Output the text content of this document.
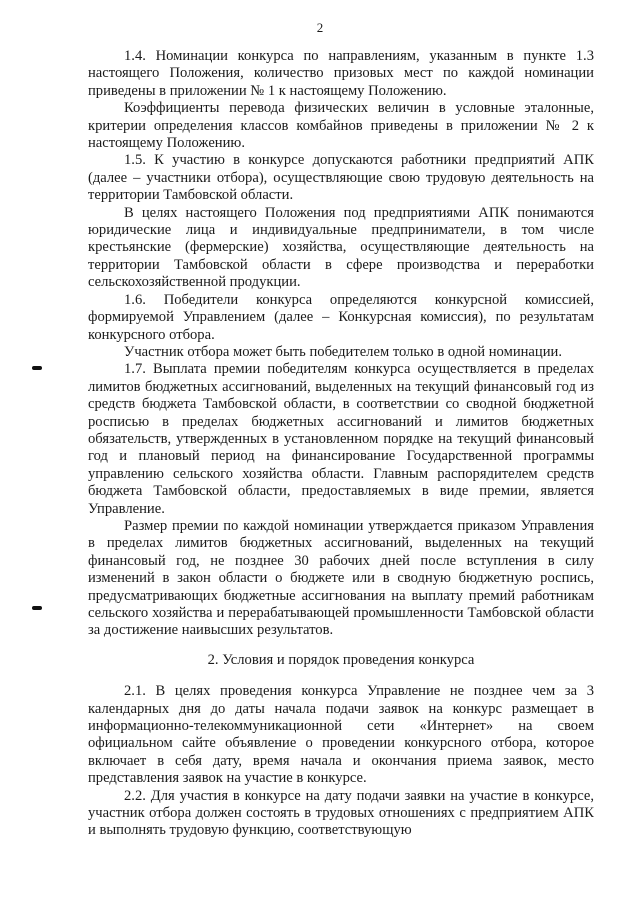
2

1.4. Номинации конкурса по направлениям, указанным в пункте 1.3 настоящего Положения, количество призовых мест по каждой номинации приведены в приложении № 1 к настоящему Положению.

Коэффициенты перевода физических величин в условные эталонные, критерии определения классов комбайнов приведены в приложении № 2 к настоящему Положению.

1.5. К участию в конкурсе допускаются работники предприятий АПК (далее – участники отбора), осуществляющие свою трудовую деятельность на территории Тамбовской области.

В целях настоящего Положения под предприятиями АПК понимаются юридические лица и индивидуальные предприниматели, в том числе крестьянские (фермерские) хозяйства, осуществляющие деятельность на территории Тамбовской области в сфере производства и переработки сельскохозяйственной продукции.

1.6. Победители конкурса определяются конкурсной комиссией, формируемой Управлением (далее – Конкурсная комиссия), по результатам конкурсного отбора.

Участник отбора может быть победителем только в одной номинации.

1.7. Выплата премии победителям конкурса осуществляется в пределах лимитов бюджетных ассигнований, выделенных на текущий финансовый год из средств бюджета Тамбовской области, в соответствии со сводной бюджетной росписью в пределах бюджетных ассигнований и лимитов бюджетных обязательств, утвержденных в установленном порядке на текущий финансовый год и плановый период на финансирование Государственной программы управлению сельского хозяйства области. Главным распорядителем средств бюджета Тамбовской области, предоставляемых в виде премии, является Управление.

Размер премии по каждой номинации утверждается приказом Управления в пределах лимитов бюджетных ассигнований, выделенных на текущий финансовый год, не позднее 30 рабочих дней после вступления в силу изменений в закон области о бюджете или в сводную бюджетную роспись, предусматривающих бюджетные ассигнования на выплату премий работникам сельского хозяйства и перерабатывающей промышленности Тамбовской области за достижение наивысших результатов.

2. Условия и порядок проведения конкурса

2.1. В целях проведения конкурса Управление не позднее чем за 3 календарных дня до даты начала подачи заявок на конкурс размещает в информационно-телекоммуникационной сети «Интернет» на своем официальном сайте объявление о проведении конкурсного отбора, которое включает в себя дату, время начала и окончания приема заявок, место представления заявок на участие в конкурсе.

2.2. Для участия в конкурсе на дату подачи заявки на участие в конкурсе, участник отбора должен состоять в трудовых отношениях с предприятием АПК и выполнять трудовую функцию, соответствующую
